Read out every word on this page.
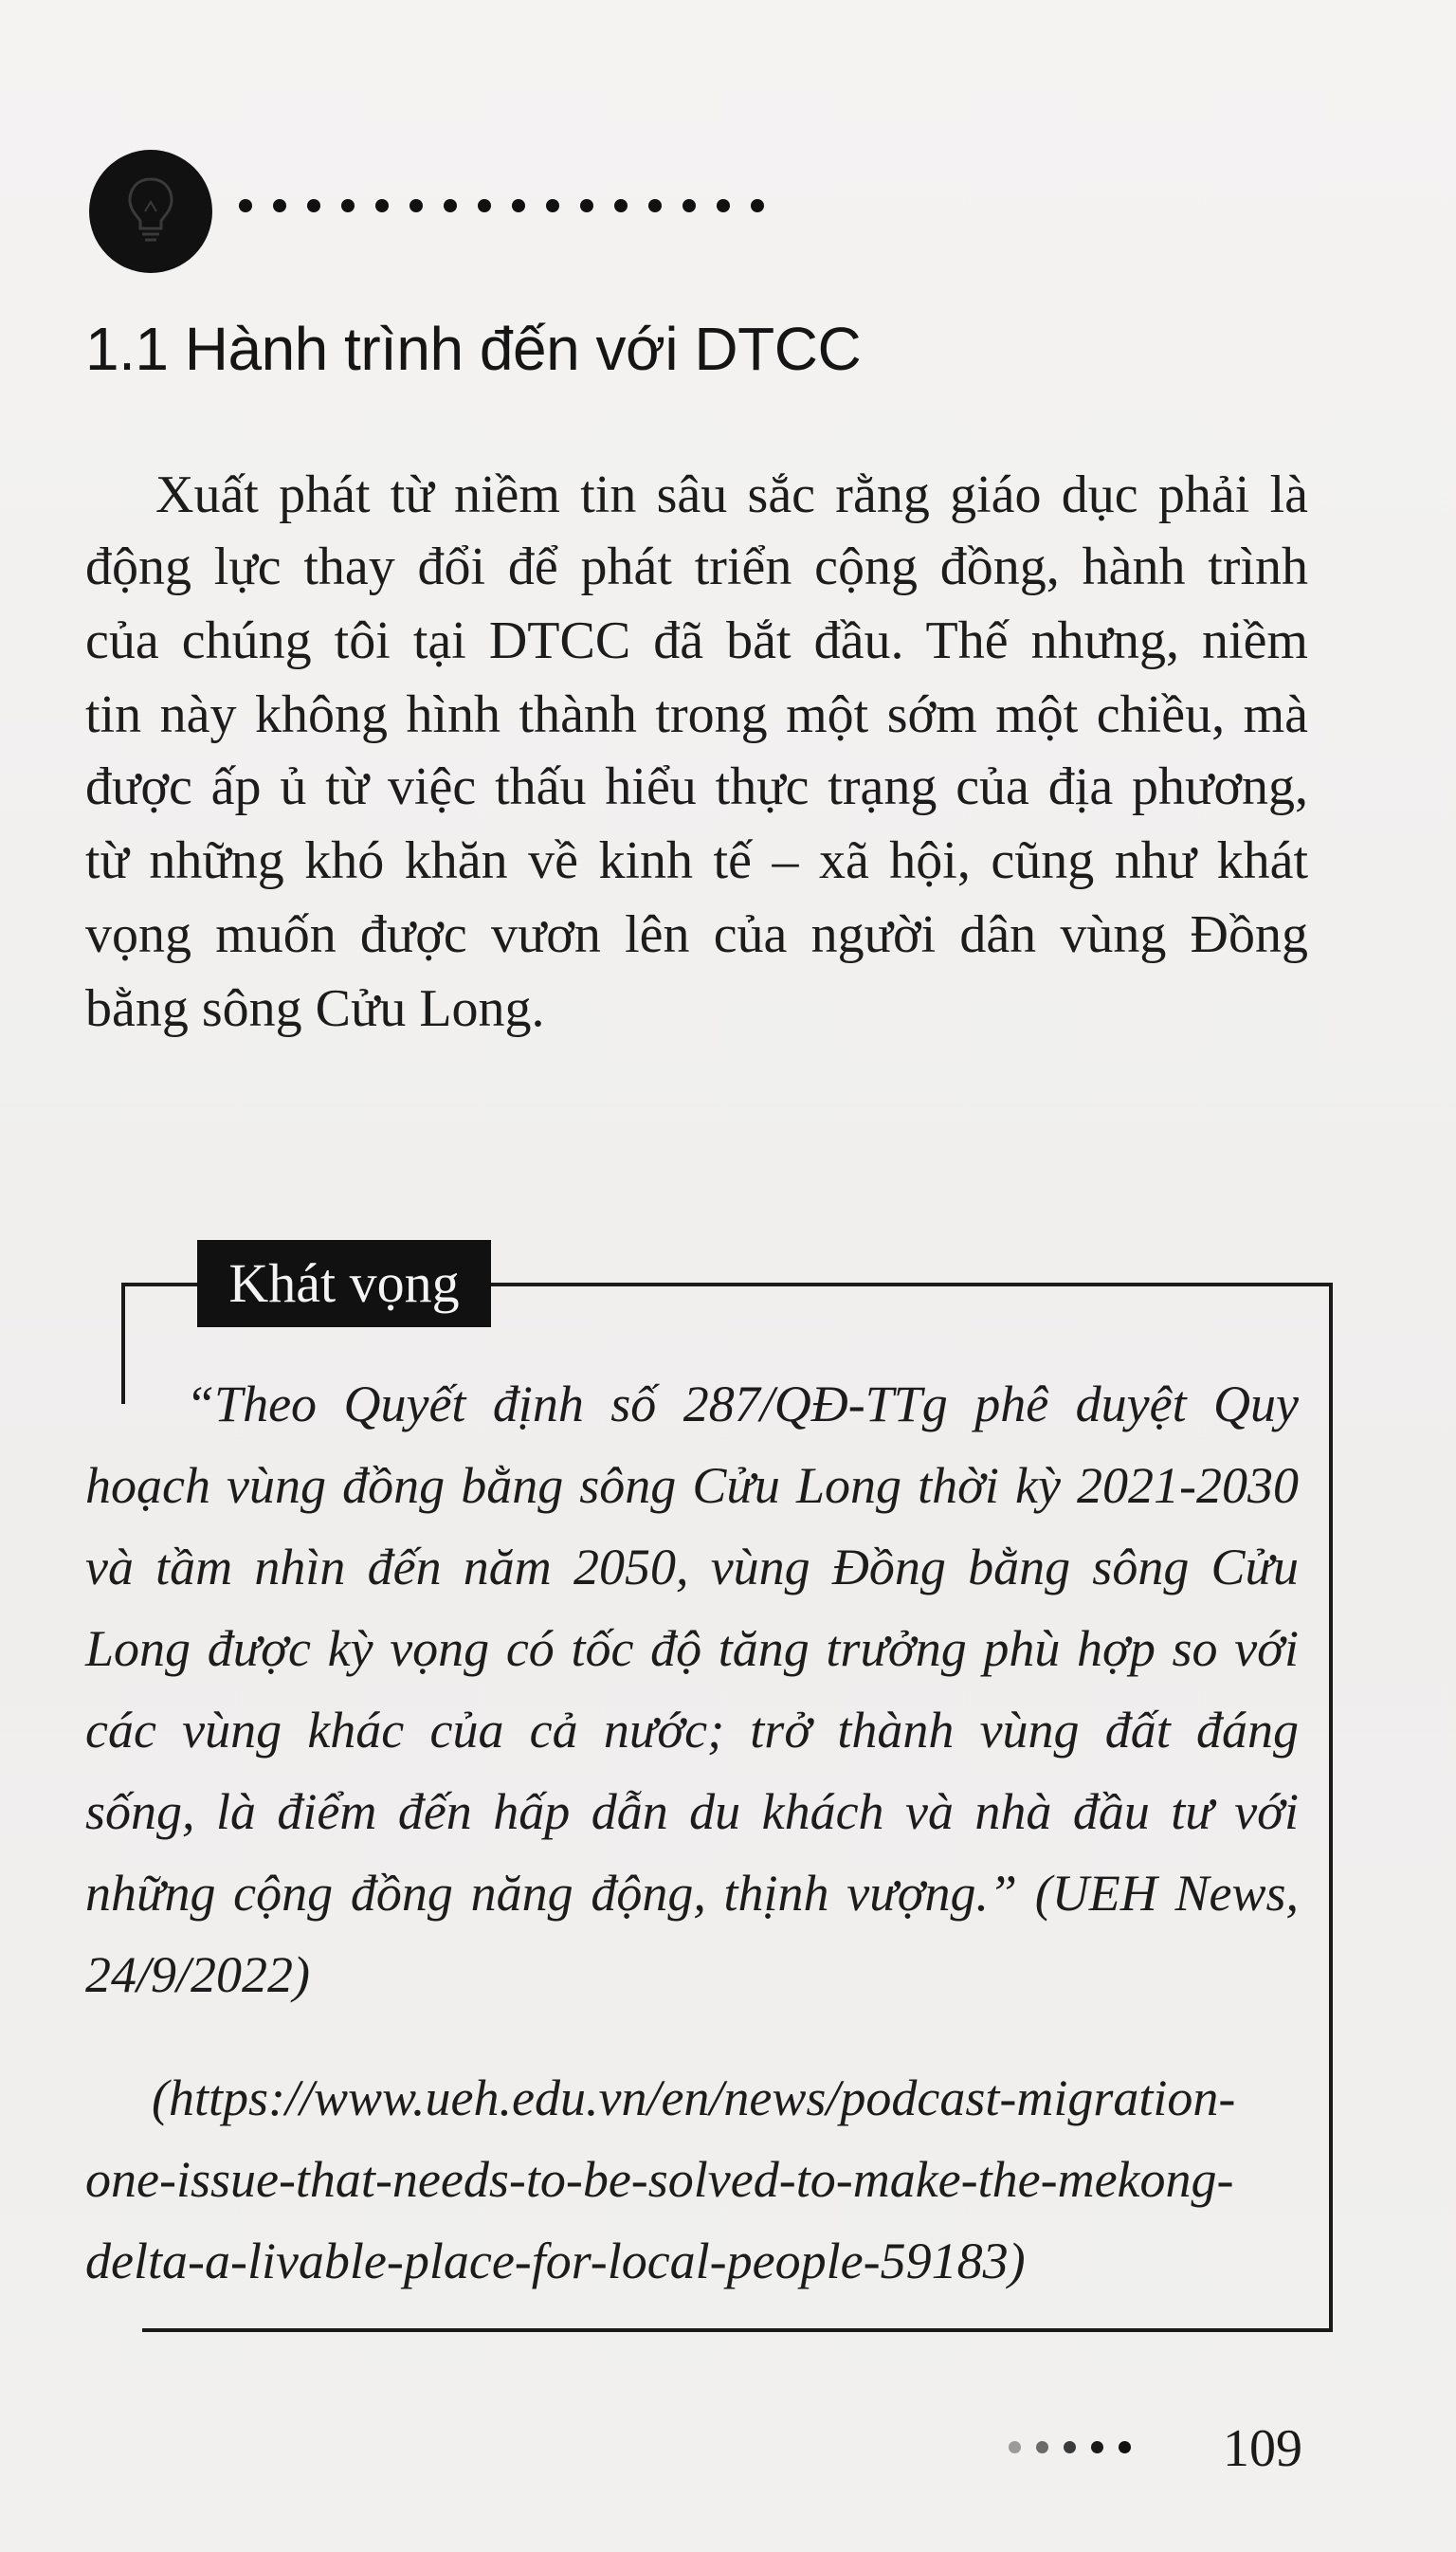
1.1 Hành trình đến với DTCC
Xuất phát từ niềm tin sâu sắc rằng giáo dục phải là
động lực thay đổi để phát triển cộng đồng, hành trình
của chúng tôi tại DTCC đã bắt đầu. Thế nhưng, niềm
tin này không hình thành trong một sớm một chiều, mà
được ấp ủ từ việc thấu hiểu thực trạng của địa phương,
từ những khó khăn về kinh tế – xã hội, cũng như khát
vọng muốn được vươn lên của người dân vùng Đồng
bằng sông Cửu Long.
Khát vọng
“Theo Quyết định số 287/QĐ-TTg phê duyệt Quy
hoạch vùng đồng bằng sông Cửu Long thời kỳ 2021-2030
và tầm nhìn đến năm 2050, vùng Đồng bằng sông Cửu
Long được kỳ vọng có tốc độ tăng trưởng phù hợp so với
các vùng khác của cả nước; trở thành vùng đất đáng
sống, là điểm đến hấp dẫn du khách và nhà đầu tư với
những cộng đồng năng động, thịnh vượng.” (UEH News,
24/9/2022)
(https://www.ueh.edu.vn/en/news/podcast-migration-
one-issue-that-needs-to-be-solved-to-make-the-mekong-
delta-a-livable-place-for-local-people-59183)
109
